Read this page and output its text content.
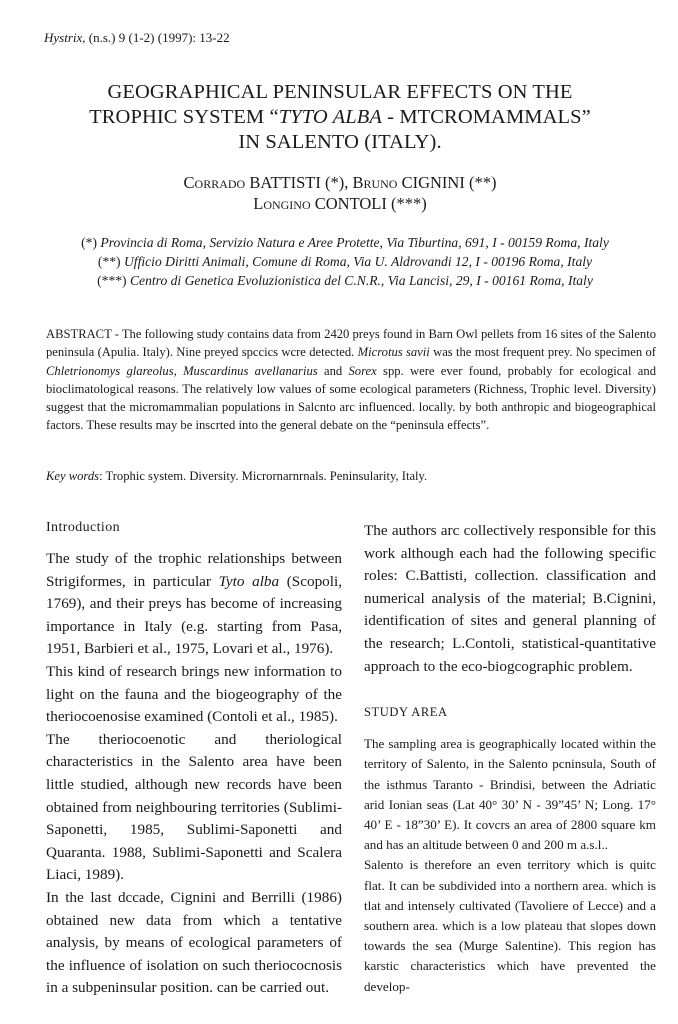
Hystrix, (n.s.) 9 (1-2) (1997): 13-22
GEOGRAPHICAL PENINSULAR EFFECTS ON THE
TROPHIC SYSTEM “TYTO ALBA - MTCROMAMMALS”
IN SALENTO (ITALY).
Corrado BATTISTI (*), Bruno CIGNINI (**)
Longino CONTOLI (***)
(*) Provincia di Roma, Servizio Natura e Aree Protette, Via Tiburtina, 691, I - 00159 Roma, Italy
(**) Ufficio Diritti Animali, Comune di Roma, Via U. Aldrovandi 12, I - 00196 Roma, Italy
(***) Centro di Genetica Evoluzionistica del C.N.R., Via Lancisi, 29, I - 00161 Roma, Italy

ABSTRACT - The following study contains data from 2420 preys found in Barn Owl pellets from 16 sites of the Salento peninsula (Apulia. Italy). Nine preyed spccics wcre detected. Microtus savii was the most frequent prey. No specimen of Chletrionomys glareolus, Muscardinus avellanarius and Sorex spp. were ever found, probably for ecological and bioclimatological reasons. The relatively low values of some ecological parameters (Richness, Trophic level. Diversity) suggest that the micromammalian populations in Salcnto arc influenced. locally. by both anthropic and biogeographical factors. These results may be inscrted into the general debate on the “peninsula effects”.

Key words: Trophic system. Diversity. Micrornarnrnals. Peninsularity, Italy.

Introduction

The study of the trophic relationships between Strigiformes, in particular Tyto alba (Scopoli, 1769), and their preys has become of increasing importance in Italy (e.g. starting from Pasa, 1951, Barbieri et al., 1975, Lovari et al., 1976).

This kind of research brings new information to light on the fauna and the biogeography of the theriocoenosise examined (Contoli et al., 1985).

The theriocoenotic and theriological characteristics in the Salento area have been little studied, although new records have been obtained from neighbouring territories (Sublimi-Saponetti, 1985, Sublimi-Saponetti and Quaranta. 1988, Sublimi-Saponetti and Scalera Liaci, 1989).

In the last dccade, Cignini and Berrilli (1986) obtained new data from which a tentative analysis, by means of ecological parameters of the influence of isolation on such theriococnosis in a subpeninsular position. can be carried out.

The authors arc collectively responsible for this work although each had the following specific roles: C.Battisti, collection. classification and numerical analysis of the material; B.Cignini, identification of sites and general planning of the research; L.Contoli, statistical-quantitative approach to the eco-biogcographic problem.

STUDY AREA

The sampling area is geographically located within the territory of Salento, in the Salento pcninsula, South of the isthmus Taranto - Brindisi, between the Adriatic arid Ionian seas (Lat 40° 30’ N - 39”45’ N; Long. 17° 40’ E - 18”30’ E). It covcrs an area of 2800 square km and has an altitude between 0 and 200 m a.s.l..

Salento is therefore an even territory which is quitc flat. It can be subdivided into a northern area. which is tlat and intensely cultivated (Tavoliere of Lecce) and a southern area. which is a low plateau that slopes down towards the sea (Murge Salentine). This region has karstic characteristics which have prevented the develop-
